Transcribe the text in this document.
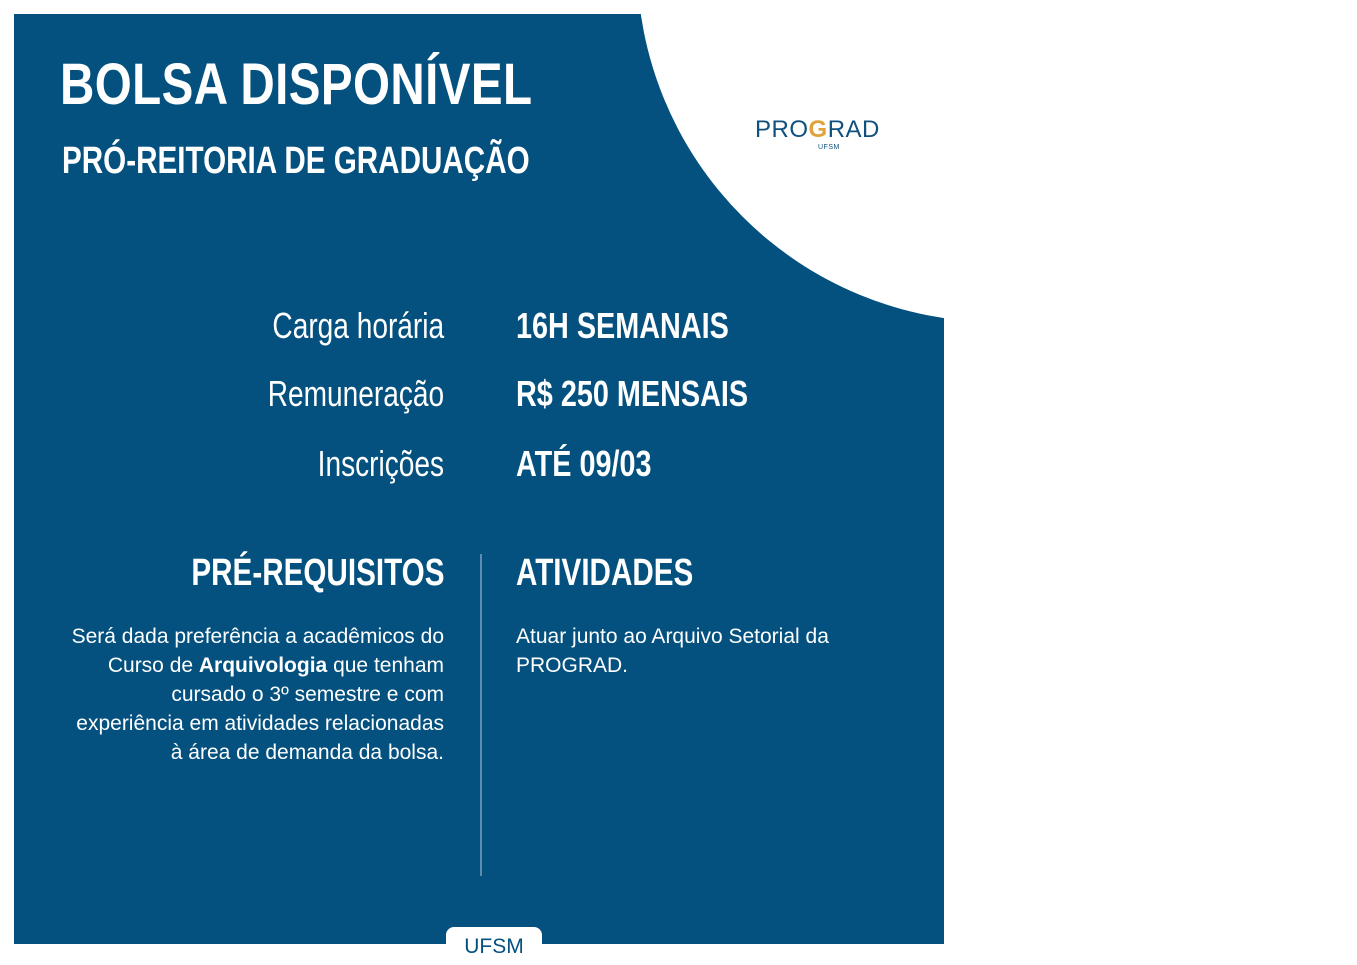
BOLSA DISPONÍVEL
PRÓ-REITORIA DE GRADUAÇÃO
PROGRAD
UFSM

Carga horária 16H SEMANAIS

Remuneração R$ 250 MENSAIS

Inscrições ATÉ 09/03

PRÉ-REQUISITOS

Será dada preferência a acadêmicos do Curso de Arquivologia que tenham cursado o 3º semestre e com experiência em atividades relacionadas à área de demanda da bolsa.

ATIVIDADES

Atuar junto ao Arquivo Setorial da PROGRAD.

UFSM
